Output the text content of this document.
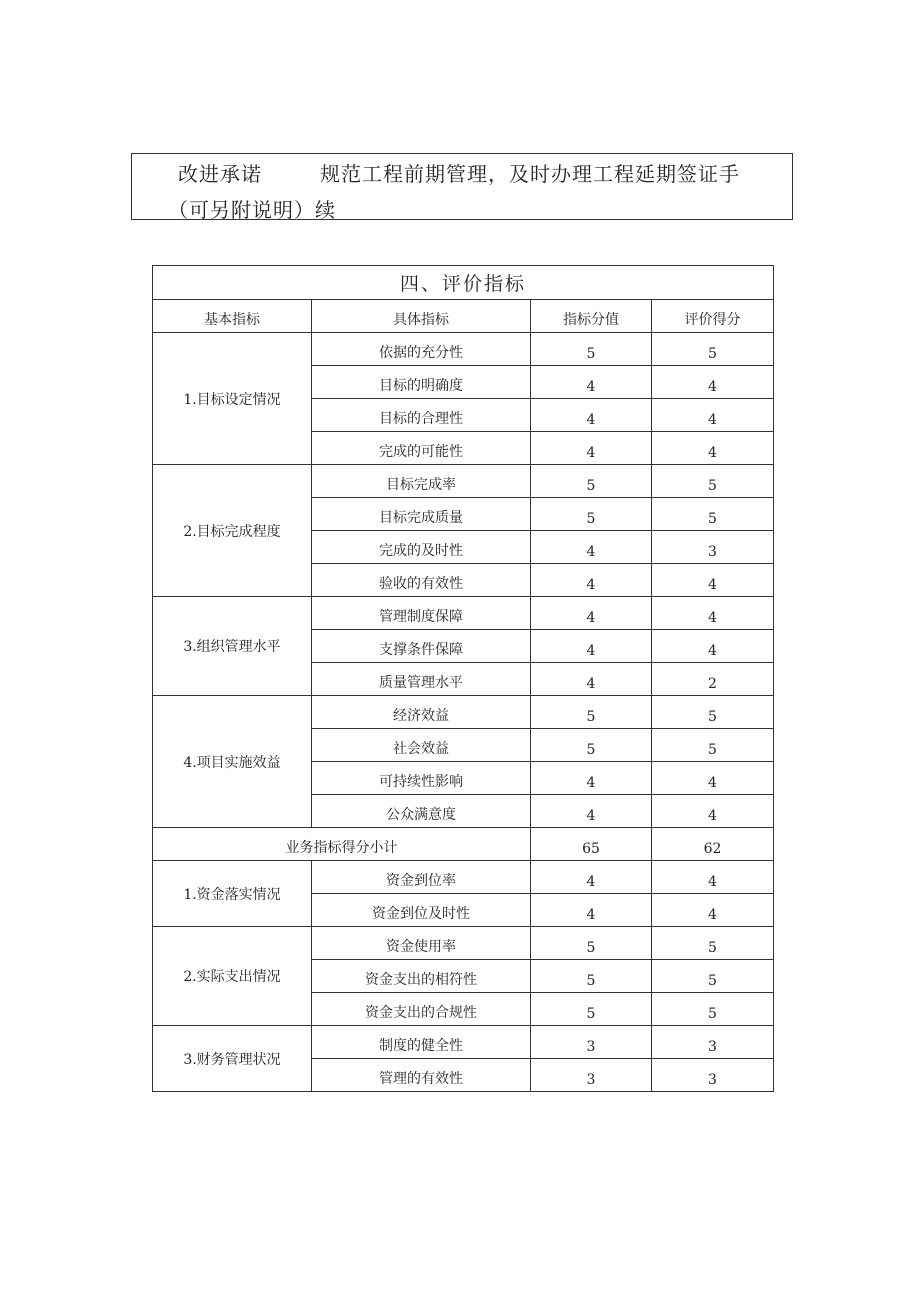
改进承诺	规范工程前期管理，及时办理工程延期签证手
（可另附说明）续
四、评价指标			
基本指标	具体指标	指标分值	评价得分
1.目标设定情况	依据的充分性	5	5
	目标的明确度	4	4
	目标的合理性	4	4
	完成的可能性	4	4
2.目标完成程度	目标完成率	5	5
	目标完成质量	5	5
	完成的及时性	4	3
	验收的有效性	4	4
3.组织管理水平	管理制度保障	4	4
	支撑条件保障	4	4
	质量管理水平	4	2
4.项目实施效益	经济效益	5	5
	社会效益	5	5
	可持续性影响	4	4
	公众满意度	4	4
业务指标得分小计		65	62
1.资金落实情况	资金到位率	4	4
	资金到位及时性	4	4
2.实际支出情况	资金使用率	5	5
	资金支出的相符性	5	5
	资金支出的合规性	5	5
3.财务管理状况	制度的健全性	3	3
	管理的有效性	3	3
